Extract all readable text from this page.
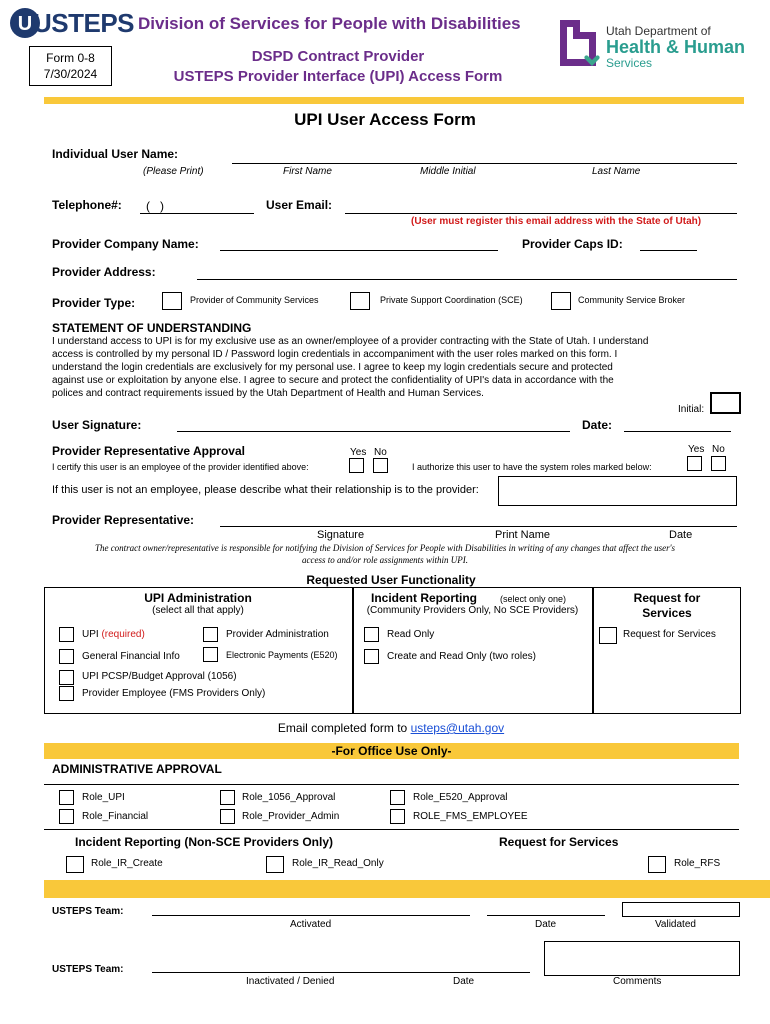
U USTEPS Division of Services for People with Disabilities
Form 0-8
7/30/2024
DSPD Contract Provider
USTEPS Provider Interface (UPI) Access Form
Utah Department of
Health & Human
Services
UPI User Access Form
Individual User Name:
(Please Print)	First Name	Middle Initial	Last Name
Telephone#: (   )	User Email:
(User must register this email address with the State of Utah)
Provider Company Name:	Provider Caps ID:
Provider Address:
Provider Type:	Provider of Community Services	Private Support Coordination (SCE)	Community Service Broker
STATEMENT OF UNDERSTANDING
I understand access to UPI is for my exclusive use as an owner/employee of a provider contracting with the State of Utah. I understand
access is controlled by my personal ID / Password login credentials in accompaniment with the user roles marked on this form. I
understand the login credentials are exclusively for my personal use. I agree to keep my login credentials secure and protected
against use or exploitation by anyone else. I agree to secure and protect the confidentiality of UPI's data in accordance with the
polices and contract requirements issued by the Utah Department of Health and Human Services.
Initial:
User Signature:	Date:
Provider Representative Approval	Yes No
I certify this user is an employee of the provider identified above:
Yes No
I authorize this user to have the system roles marked below:
If this user is not an employee, please describe what their relationship is to the provider:
Provider Representative:
Signature	Print Name	Date
The contract owner/representative is responsible for notifying the Division of Services for People with Disabilities in writing of any changes that affect the user's
access to and/or role assignments within UPI.
Requested User Functionality
UPI Administration
(select all that apply)
Incident Reporting	(select only one)
(Community Providers Only, No SCE Providers)
Request for
Services
UPI (required)	Provider Administration
General Financial Info	Electronic Payments (E520)
UPI PCSP/Budget Approval (1056)
Provider Employee (FMS Providers Only)
Read Only
Create and Read Only (two roles)
Request for Services
Email completed form to usteps@utah.gov
-For Office Use Only-
ADMINISTRATIVE APPROVAL
Role_UPI	Role_1056_Approval	Role_E520_Approval
Role_Financial	Role_Provider_Admin	ROLE_FMS_EMPLOYEE
Incident Reporting (Non-SCE Providers Only)	Request for Services
Role_IR_Create	Role_IR_Read_Only	Role_RFS
USTEPS Team:
Activated	Date	Validated
USTEPS Team:
Inactivated / Denied	Date	Comments
